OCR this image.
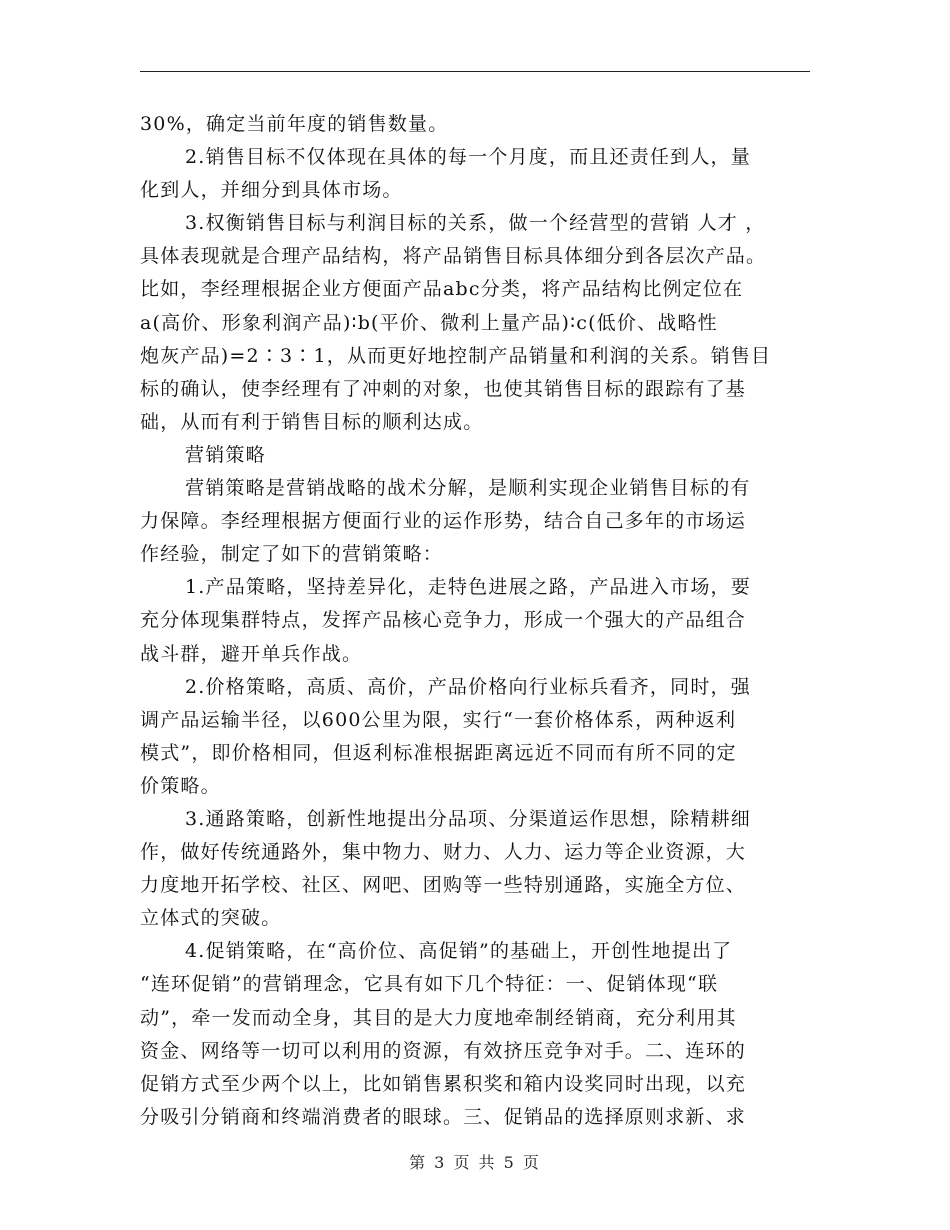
30%，确定当前年度的销售数量。
2.销售目标不仅体现在具体的每一个月度，而且还责任到人，量
化到人，并细分到具体市场。
3.权衡销售目标与利润目标的关系，做一个经营型的营销 人才 ，
具体表现就是合理产品结构，将产品销售目标具体细分到各层次产品。
比如，李经理根据企业方便面产品abc分类，将产品结构比例定位在
a(高价、形象利润产品)∶b(平价、微利上量产品)∶c(低价、战略性
炮灰产品)=2∶3∶1，从而更好地控制产品销量和利润的关系。销售目
标的确认，使李经理有了冲刺的对象，也使其销售目标的跟踪有了基
础，从而有利于销售目标的顺利达成。
营销策略
营销策略是营销战略的战术分解，是顺利实现企业销售目标的有
力保障。李经理根据方便面行业的运作形势，结合自己多年的市场运
作经验，制定了如下的营销策略：
1.产品策略，坚持差异化，走特色进展之路，产品进入市场，要
充分体现集群特点，发挥产品核心竞争力，形成一个强大的产品组合
战斗群，避开单兵作战。
2.价格策略，高质、高价，产品价格向行业标兵看齐，同时，强
调产品运输半径，以600公里为限，实行“一套价格体系，两种返利
模式”，即价格相同，但返利标准根据距离远近不同而有所不同的定
价策略。
3.通路策略，创新性地提出分品项、分渠道运作思想，除精耕细
作，做好传统通路外，集中物力、财力、人力、运力等企业资源，大
力度地开拓学校、社区、网吧、团购等一些特别通路，实施全方位、
立体式的突破。
4.促销策略，在“高价位、高促销”的基础上，开创性地提出了
“连环促销”的营销理念，它具有如下几个特征：一、促销体现“联
动”，牵一发而动全身，其目的是大力度地牵制经销商，充分利用其
资金、网络等一切可以利用的资源，有效挤压竞争对手。二、连环的
促销方式至少两个以上，比如销售累积奖和箱内设奖同时出现，以充
分吸引分销商和终端消费者的眼球。三、促销品的选择原则求新、求
第 3 页 共 5 页
